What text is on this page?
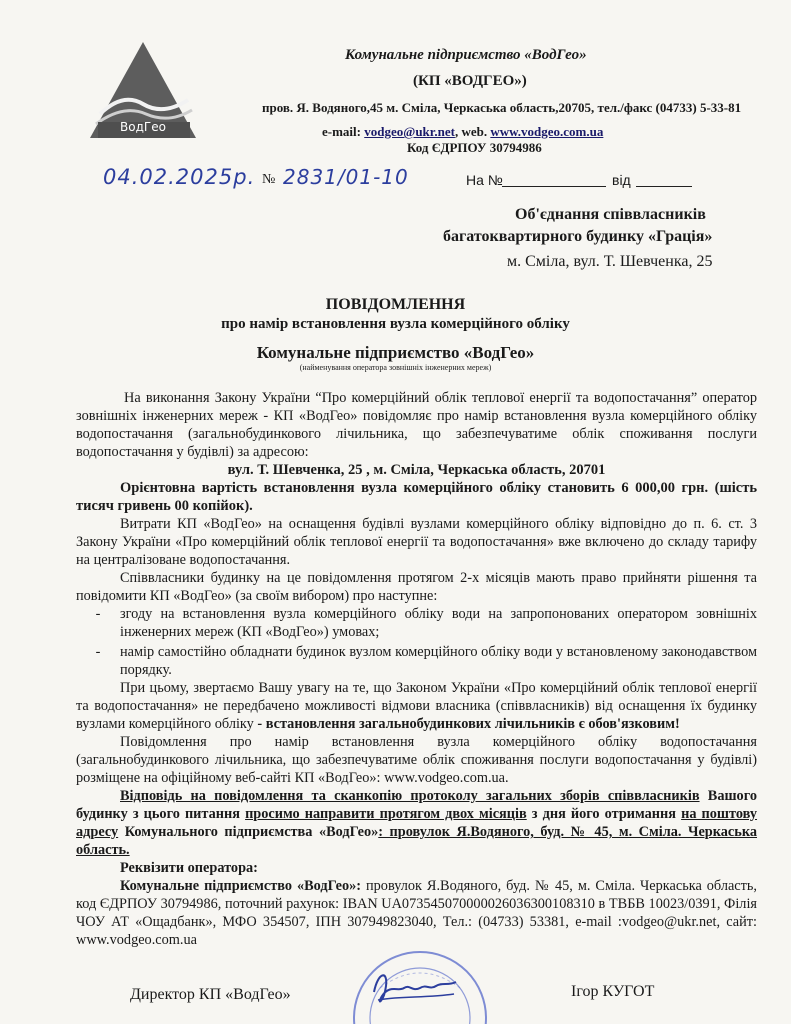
ВодГео
Комунальне підприємство «ВодГео»
(КП «ВОДГЕО»)
пров. Я. Водяного,45 м. Сміла, Черкаська область,20705, тел./факс (04733) 5-33-81
e-mail: vodgeo@ukr.net, web. www.vodgeo.com.ua
Код ЄДРПОУ 30794986
04.02.2025р. № 2831/01-10	На №	від
Об'єднання співвласників
багатоквартирного будинку «Грація»
м. Сміла, вул. Т. Шевченка, 25
ПОВІДОМЛЕННЯ
про намір встановлення вузла комерційного обліку
Комунальне підприємство «ВодГео»
(найменування оператора зовнішніх інженерних мереж)

На виконання Закону України “Про комерційний облік теплової енергії та водопостачання” оператор зовнішніх інженерних мереж - КП «ВодГео» повідомляє про намір встановлення вузла комерційного обліку водопостачання (загальнобудинкового лічильника, що забезпечуватиме облік споживання послуги водопостачання у будівлі) за адресою:

вул. Т. Шевченка, 25 , м. Сміла, Черкаська область, 20701

Орієнтовна вартість встановлення вузла комерційного обліку становить 6 000,00 грн. (шість тисяч гривень 00 копійок).

Витрати КП «ВодГео» на оснащення будівлі вузлами комерційного обліку відповідно до п. 6. ст. 3 Закону України «Про комерційний облік теплової енергії та водопостачання» вже включено до складу тарифу на централізоване водопостачання.

Співвласники будинку на це повідомлення протягом 2-х місяців мають право прийняти рішення та повідомити КП «ВодГео» (за своїм вибором) про наступне:

-	згоду на встановлення вузла комерційного обліку води на запропонованих оператором зовнішніх інженерних мереж (КП «ВодГео») умовах;
-	намір самостійно обладнати будинок вузлом комерційного обліку води у встановленому законодавством порядку.

При цьому, звертаємо Вашу увагу на те, що Законом України «Про комерційний облік теплової енергії та водопостачання» не передбачено можливості відмови власника (співвласників) від оснащення їх будинку вузлами комерційного обліку - встановлення загальнобудинкових лічильників є обов'язковим!

Повідомлення про намір встановлення вузла комерційного обліку водопостачання (загальнобудинкового лічильника, що забезпечуватиме облік споживання послуги водопостачання у будівлі) розміщене на офіційному веб-сайті КП «ВодГео»: www.vodgeo.com.ua.

Відповідь на повідомлення та сканкопію протоколу загальних зборів співвласників Вашого будинку з цього питання просимо направити протягом двох місяців з дня його отримання на поштову адресу Комунального підприємства «ВодГео»: провулок Я.Водяного, буд. № 45, м. Сміла. Черкаська область.

Реквізити оператора:

Комунальне підприємство «ВодГео»: провулок Я.Водяного, буд. № 45, м. Сміла. Черкаська область, код ЄДРПОУ 30794986, поточний рахунок: IBAN UA073545070000026036300108310 в ТВБВ 10023/0391, Філія ЧОУ АТ «Ощадбанк», МФО 354507, ІПН 307949823040, Тел.: (04733) 53381, e-mail :vodgeo@ukr.net, сайт: www.vodgeo.com.ua

Директор КП «ВодГео»	Ігор КУГОТ
